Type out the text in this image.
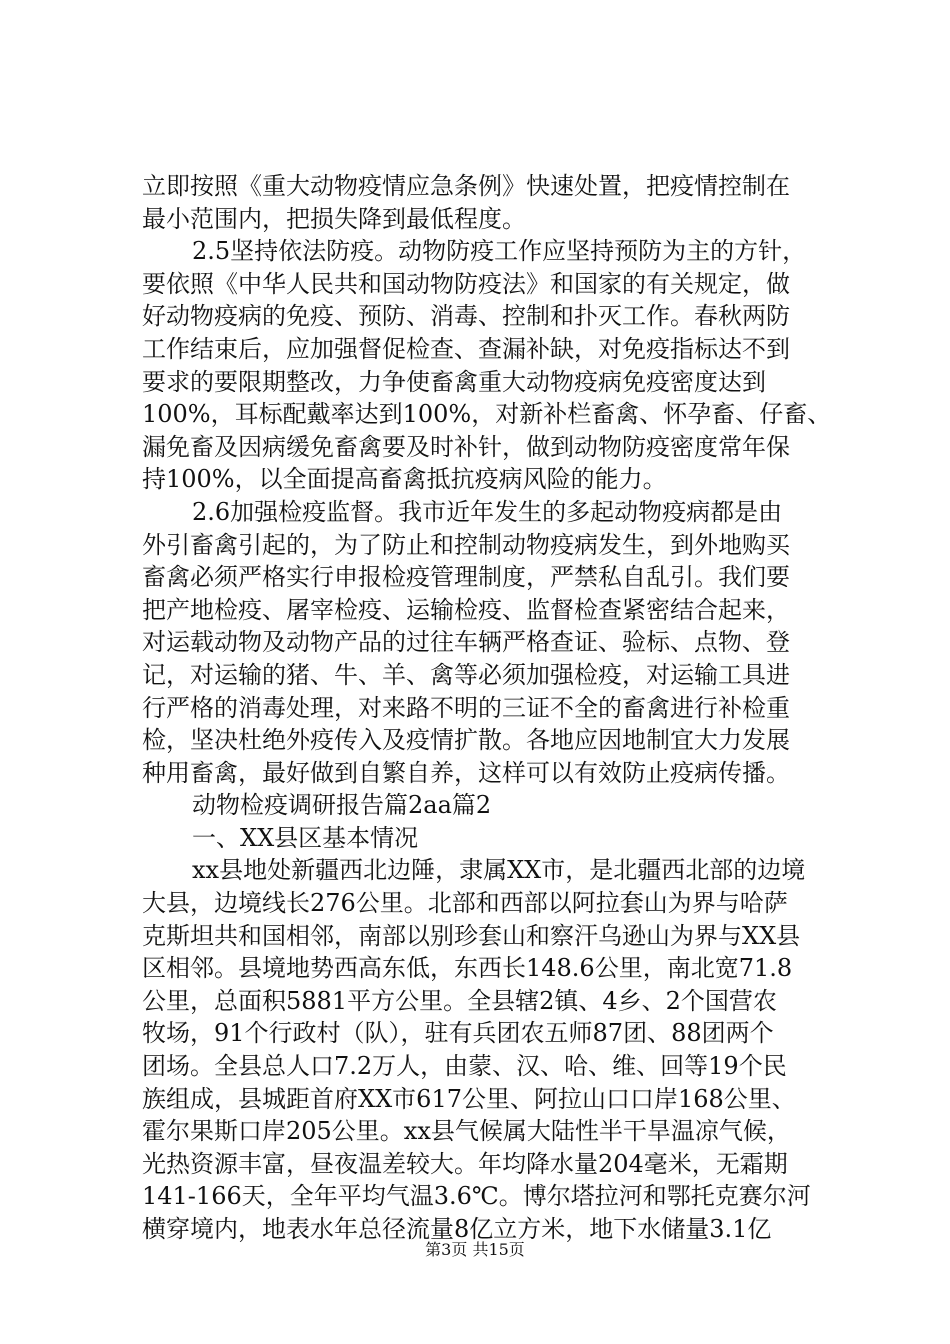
立即按照《重大动物疫情应急条例》快速处置，把疫情控制在
最小范围内，把损失降到最低程度。
2.5坚持依法防疫。动物防疫工作应坚持预防为主的方针，
要依照《中华人民共和国动物防疫法》和国家的有关规定，做
好动物疫病的免疫、预防、消毒、控制和扑灭工作。春秋两防
工作结束后，应加强督促检查、查漏补缺，对免疫指标达不到
要求的要限期整改，力争使畜禽重大动物疫病免疫密度达到
100%，耳标配戴率达到100%，对新补栏畜禽、怀孕畜、仔畜、
漏免畜及因病缓免畜禽要及时补针，做到动物防疫密度常年保
持100%，以全面提高畜禽抵抗疫病风险的能力。
2.6加强检疫监督。我市近年发生的多起动物疫病都是由
外引畜禽引起的，为了防止和控制动物疫病发生，到外地购买
畜禽必须严格实行申报检疫管理制度，严禁私自乱引。我们要
把产地检疫、屠宰检疫、运输检疫、监督检查紧密结合起来，
对运载动物及动物产品的过往车辆严格查证、验标、点物、登
记，对运输的猪、牛、羊、禽等必须加强检疫，对运输工具进
行严格的消毒处理，对来路不明的三证不全的畜禽进行补检重
检，坚决杜绝外疫传入及疫情扩散。各地应因地制宜大力发展
种用畜禽，最好做到自繁自养，这样可以有效防止疫病传播。
动物检疫调研报告篇2aa篇2
一、XX县区基本情况
xx县地处新疆西北边陲，隶属XX市，是北疆西北部的边境
大县，边境线长276公里。北部和西部以阿拉套山为界与哈萨
克斯坦共和国相邻，南部以别珍套山和察汗乌逊山为界与XX县
区相邻。县境地势西高东低，东西长148.6公里，南北宽71.8
公里，总面积5881平方公里。全县辖2镇、4乡、2个国营农
牧场，91个行政村（队），驻有兵团农五师87团、88团两个
团场。全县总人口7.2万人，由蒙、汉、哈、维、回等19个民
族组成，县城距首府XX市617公里、阿拉山口口岸168公里、
霍尔果斯口岸205公里。xx县气候属大陆性半干旱温凉气候，
光热资源丰富，昼夜温差较大。年均降水量204毫米，无霜期
141-166天，全年平均气温3.6℃。博尔塔拉河和鄂托克赛尔河
横穿境内，地表水年总径流量8亿立方米，地下水储量3.1亿
第3页 共15页
